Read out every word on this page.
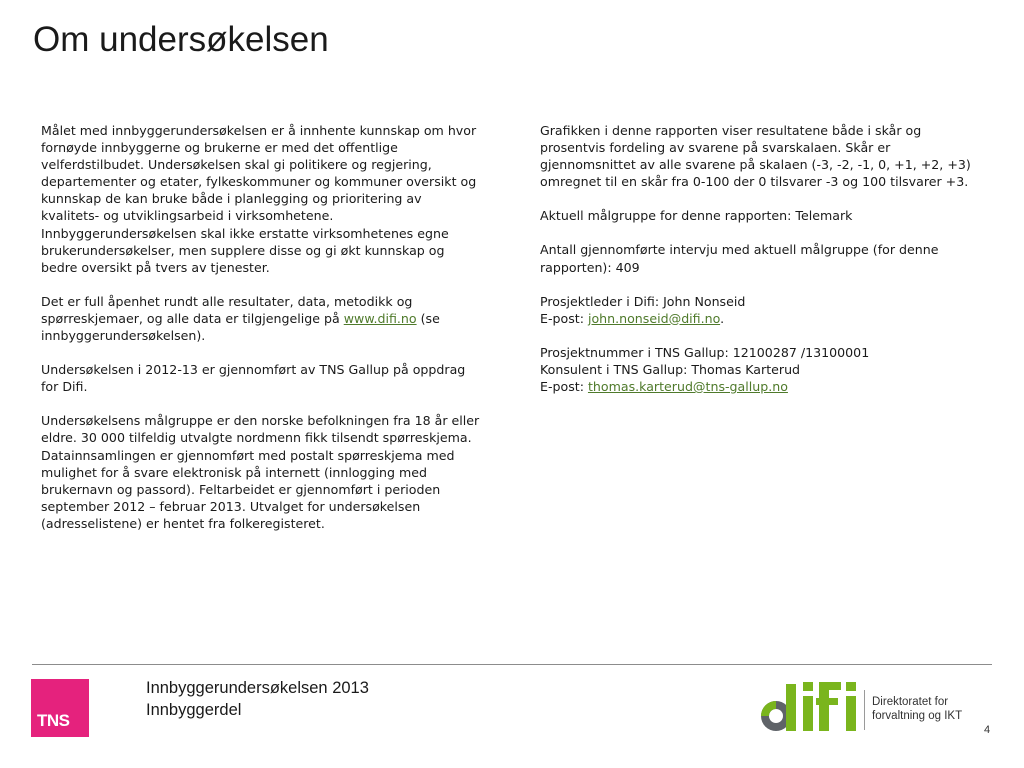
Om undersøkelsen

Målet med innbyggerundersøkelsen er å innhente kunnskap om hvor fornøyde innbyggerne og brukerne er med det offentlige velferdstilbudet. Undersøkelsen skal gi politikere og regjering, departementer og etater, fylkeskommuner og kommuner oversikt og kunnskap de kan bruke både i planlegging og prioritering av kvalitets- og utviklingsarbeid i virksomhetene. Innbyggerundersøkelsen skal ikke erstatte virksomhetenes egne brukerundersøkelser, men supplere disse og gi økt kunnskap og bedre oversikt på tvers av tjenester.

Det er full åpenhet rundt alle resultater, data, metodikk og spørreskjemaer, og alle data er tilgjengelige på www.difi.no (se innbyggerundersøkelsen).

Undersøkelsen i 2012-13 er gjennomført av TNS Gallup på oppdrag for Difi.

Undersøkelsens målgruppe er den norske befolkningen fra 18 år eller eldre. 30 000 tilfeldig utvalgte nordmenn fikk tilsendt spørreskjema. Datainnsamlingen er gjennomført med postalt spørreskjema med mulighet for å svare elektronisk på internett (innlogging med brukernavn og passord). Feltarbeidet er gjennomført i perioden september 2012 – februar 2013. Utvalget for undersøkelsen (adresselistene) er hentet fra folkeregisteret.

Grafikken i denne rapporten viser resultatene både i skår og prosentvis fordeling av svarene på svarskalaen. Skår er gjennomsnittet av alle svarene på skalaen (-3, -2, -1, 0, +1, +2, +3) omregnet til en skår fra 0-100 der 0 tilsvarer -3 og 100 tilsvarer +3.

Aktuell målgruppe for denne rapporten: Telemark

Antall gjennomførte intervju med aktuell målgruppe (for denne rapporten): 409

Prosjektleder i Difi: John Nonseid

E-post: john.nonseid@difi.no.

Prosjektnummer i TNS Gallup: 12100287 /13100001

Konsulent i TNS Gallup: Thomas Karterud

E-post: thomas.karterud@tns-gallup.no

TNS
Innbyggerundersøkelsen 2013
Innbyggerdel	Direktoratet for
forvaltning og IKT
4
